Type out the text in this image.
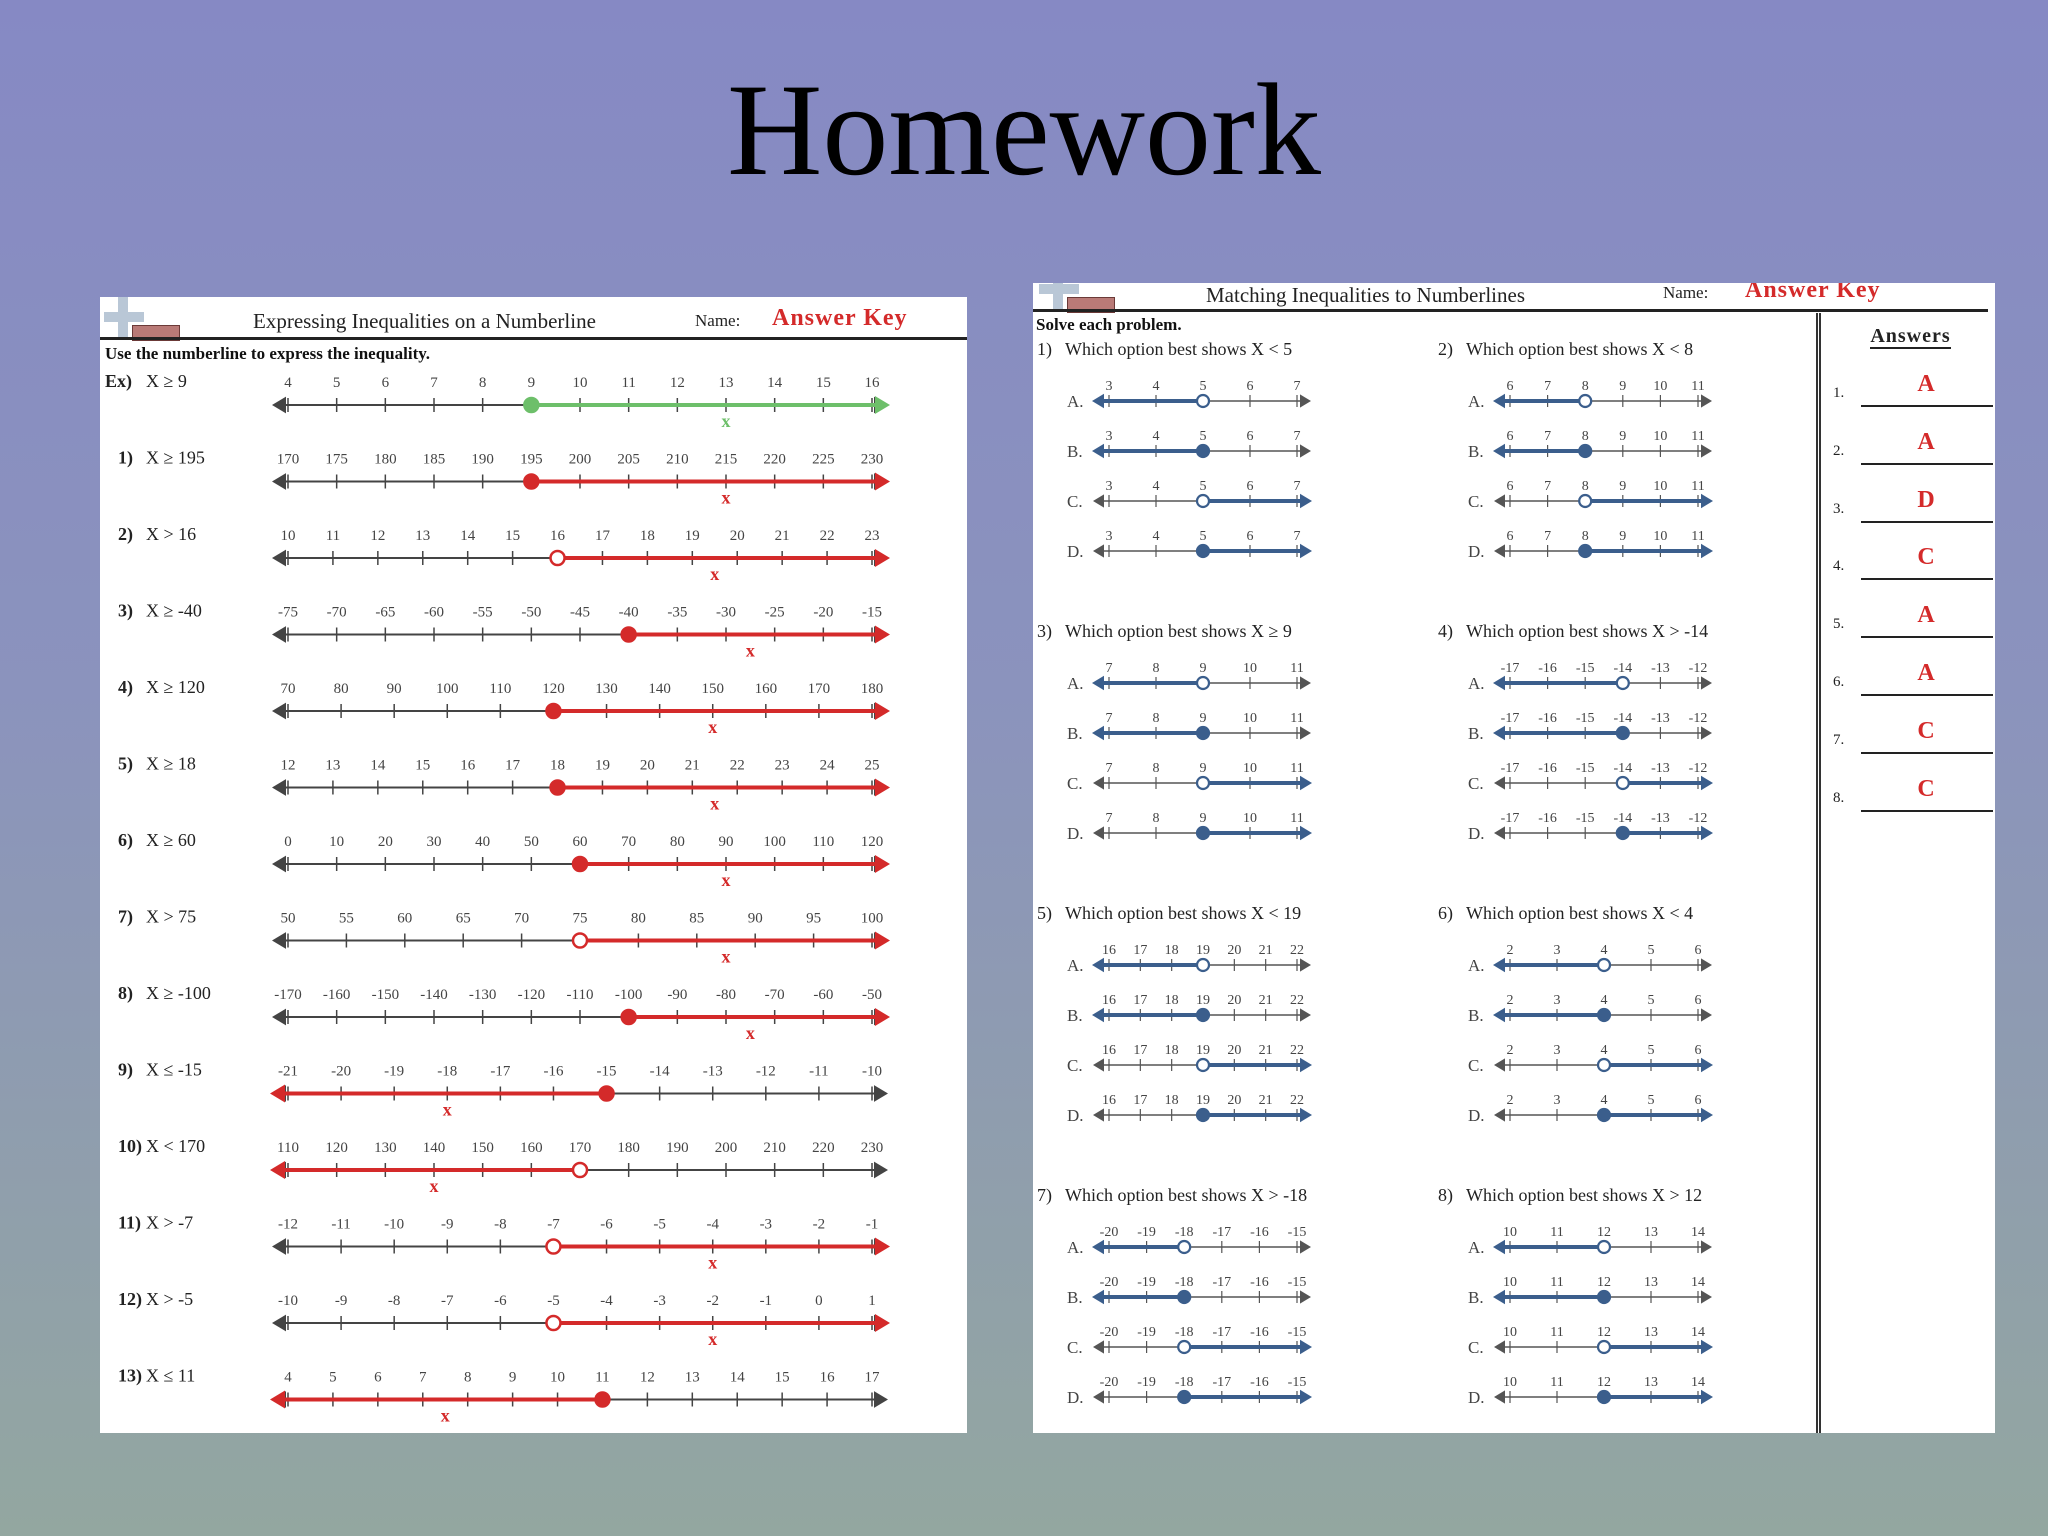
Homework
Expressing Inequalities on a Numberline	Name: Answer Key
Use the numberline to express the inequality.
Ex) X ≥ 9	4	5	6	7	8	9 10 11 12 13 14 15 16
x
1) X ≥ 195	170 175 180 185 190 195 200 205 210 215 220 225 230
x
2) X > 16	10 11 12 13 14 15 16 17 18 19 20 21 22 23
x
3) X ≥ -40	-75 -70 -65 -60 -55 -50 -45 -40 -35 -30 -25 -20 -15
x
4) X ≥ 120	70	80	90 100 110 120 130 140 150 160 170 180
x
5) X ≥ 18	12 13 14 15 16 17 18 19 20 21 22 23 24 25
x
6) X ≥ 60	0 10 20 30 40 50 60 70 80 90 100 110 120
x
7) X > 75	50	55	60	65	70	75	80	85	90	95	100
x
8) X ≥ -100	-170 -160 -150 -140 -130 -120 -110 -100 -90 -80 -70 -60 -50
x
9) X ≤ -15	-21 -20 -19 -18 -17 -16 -15 -14 -13 -12 -11 -10
x
10) X < 170	110 120 130 140 150 160 170 180 190 200 210 220 230
x
11) X > -7	-12 -11 -10 -9	-8	-7	-6	-5	-4	-3	-2	-1
x
12) X > -5	-10 -9	-8	-7	-6	-5	-4	-3	-2	-1	0	1
x
13) X ≤ 11	4 5 6 7 8 9 10 11 12 13 14 15 16 17
x
Matching Inequalities to Numberlines	Name: Answer Key
Solve each problem.
1) Which option best shows X < 5
A.
3	4	5	6	7
B.
3	4	5	6	7
C.
3	4	5	6	7
D.
3	4	5	6	7
2) Which option best shows X < 8
A.
6 7 8 9 10 11
B.
6 7 8 9 10 11
C.
6 7 8 9 10 11
D.
6 7 8 9 10 11
3) Which option best shows X ≥ 9
A.
7	8	9	10 11
B.
7	8	9	10 11
C.
7	8	9	10 11
D.
7	8	9	10 11
4) Which option best shows X > -14
A.
-17 -16 -15 -14 -13 -12
B.
-17 -16 -15 -14 -13 -12
C.
-17 -16 -15 -14 -13 -12
D.
-17 -16 -15 -14 -13 -12
5) Which option best shows X < 19
A.
16 17 18 19 20 21 22
B.
16 17 18 19 20 21 22
C.
16 17 18 19 20 21 22
D.
16 17 18 19 20 21 22
6) Which option best shows X < 4
A.
2	3	4	5	6
B.
2	3	4	5	6
C.
2	3	4	5	6
D.
2	3	4	5	6
7) Which option best shows X > -18
A.
-20 -19 -18 -17 -16 -15
B.
-20 -19 -18 -17 -16 -15
C.
-20 -19 -18 -17 -16 -15
D.
-20 -19 -18 -17 -16 -15
8) Which option best shows X > 12
A.
10 11 12 13 14
B.
10 11 12 13 14
C.
10 11 12 13 14
D.
10 11 12 13 14
Answers
1.	A
2.	A
3.	D
4.	C
5.	A
6.	A
7.	C
8.	C
